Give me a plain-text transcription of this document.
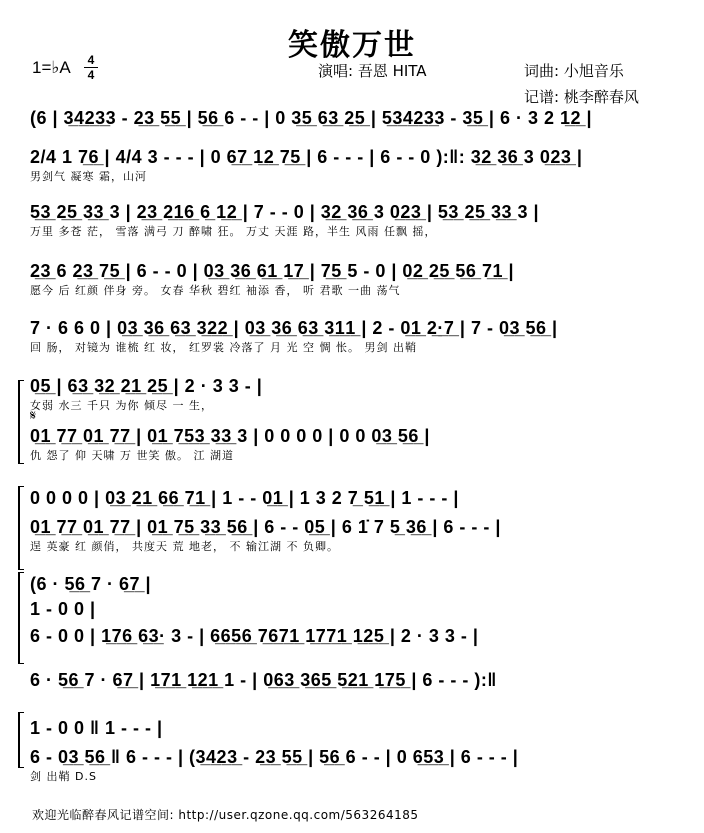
笑傲万世
1=♭A	4
4	演唱: 吾恩 HITA	词曲: 小旭音乐
记谱: 桃李醉春风
𝄋
(6 | 3̲4̲2̲3̲3 - 2̲3̲ 5̲5̲ | 5̲6̲ 6 - - | 0 3̲5̲ 6̲3̲ 2̲5̲ | 5̲3̲4̲2̲3̲3 - 3̲5̲ | 6 · 3 2 1̲2̲ |
2/4 1 7̲6̲ | 4/4 3 - - - | 0 6̲7̲ 1̲2̲ 7̲5̲ | 6 - - - | 6 - - 0 ):‖: 3̲2̲ 3̲6̲ 3 0̲2̲3̲ |
男剑气 凝寒 霜，山河
5̲3̲ 2̲5̲ 3̲3̲ 3 | 2̲3̲ 2̲1̲6̲ 6̲ 1̲2̲ | 7 - - 0 | 3̲2̲ 3̲6̲ 3 0̲2̲3̲ | 5̲3̲ 2̲5̲ 3̲3̲ 3 |
万里 多苍 茫， 雪落 满弓 刀 醉啸 狂。 万丈 天涯 路，半生 风雨 任飘 摇，
2̲3̲ 6 2̲3̲ 7̲5̲ | 6 - - 0 | 0̲3̲ 3̲6̲ 6̲1̲ 1̲7̲ | 7̲5̲ 5 - 0 | 0̲2̲ 2̲5̲ 5̲6̲ 7̲1̲ |
愿今 后 红颜 伴身 旁。 女春 华秋 碧红 袖添 香， 听 君歌 一曲 荡气
7 · 6 6 0 | 0̲3̲ 3̲6̲ 6̲3̲ 3̲2̲2̲ | 0̲3̲ 3̲6̲ 6̲3̲ 3̲1̲1̲ | 2 - 0̲1̲ 2̲·̲7̲ | 7 - 0̲3̲ 5̲6̲ |
回 肠， 对镜为 谁梳 红 妆， 红罗裳 冷落了 月 光 空 惆 怅。 男剑 出鞘
0̲5̲ | 6̲3̲ 3̲2̲ 2̲1̲ 2̲5̲ | 2 · 3 3 - |
女弱 水三 千只 为你 倾尽 一 生，
0̲1̲ 7̲7̲ 0̲1̲ 7̲7̲ | 0̲1̲ 7̲5̲3̲ 3̲3̲ 3 | 0 0 0 0 | 0 0 0̲3̲ 5̲6̲ |
仇 怨了 仰 天啸 万 世笑 傲。 江 湖道
0 0 0 0 | 0̲3̲ 2̲1̲ 6̲6̲ 7̲1̲ | 1 - - 0̲1̲ | 1 3 2 7̲ 5̲1̲ | 1 - - - |
0̲1̲ 7̲7̲ 0̲1̲ 7̲7̲ | 0̲1̲ 7̲5̲ 3̲3̲ 5̲6̲ | 6 - - 0̲5̲ | 6 1̇ 7 5̲ 3̲6̲ | 6 - - - |
逞 英豪 红 颜俏， 共度天 荒 地老， 不 输江湖 不 负卿。
(6 · 5̲6̲ 7 · 6̲7̲ |
1 - 0 0 |
6 - 0 0 | 1̲7̲6̲ 6̲3̲· 3 - | 6̲6̲5̲6̲ 7̲6̲7̲1̲ 1̲7̲7̲1̲ 1̲2̲5̲ | 2 · 3 3 - |
6 · 5̲6̲ 7 · 6̲7̲ | 1̲7̲1̲ 1̲2̲1̲ 1 - | 0̲6̲3̲ 3̲6̲5̲ 5̲2̲1̲ 1̲7̲5̲ | 6 - - - ):‖
1 - 0 0 ‖ 1 - - - |
6 - 0̲3̲ 5̲6̲ ‖ 6 - - - | (3̲4̲2̲3̲ - 2̲3̲ 5̲5̲ | 5̲6̲ 6 - - | 0 6̲5̲3̲ | 6 - - - |
剑 出鞘 D.S
欢迎光临醉春风记谱空间: http://user.qzone.qq.com/563264185
